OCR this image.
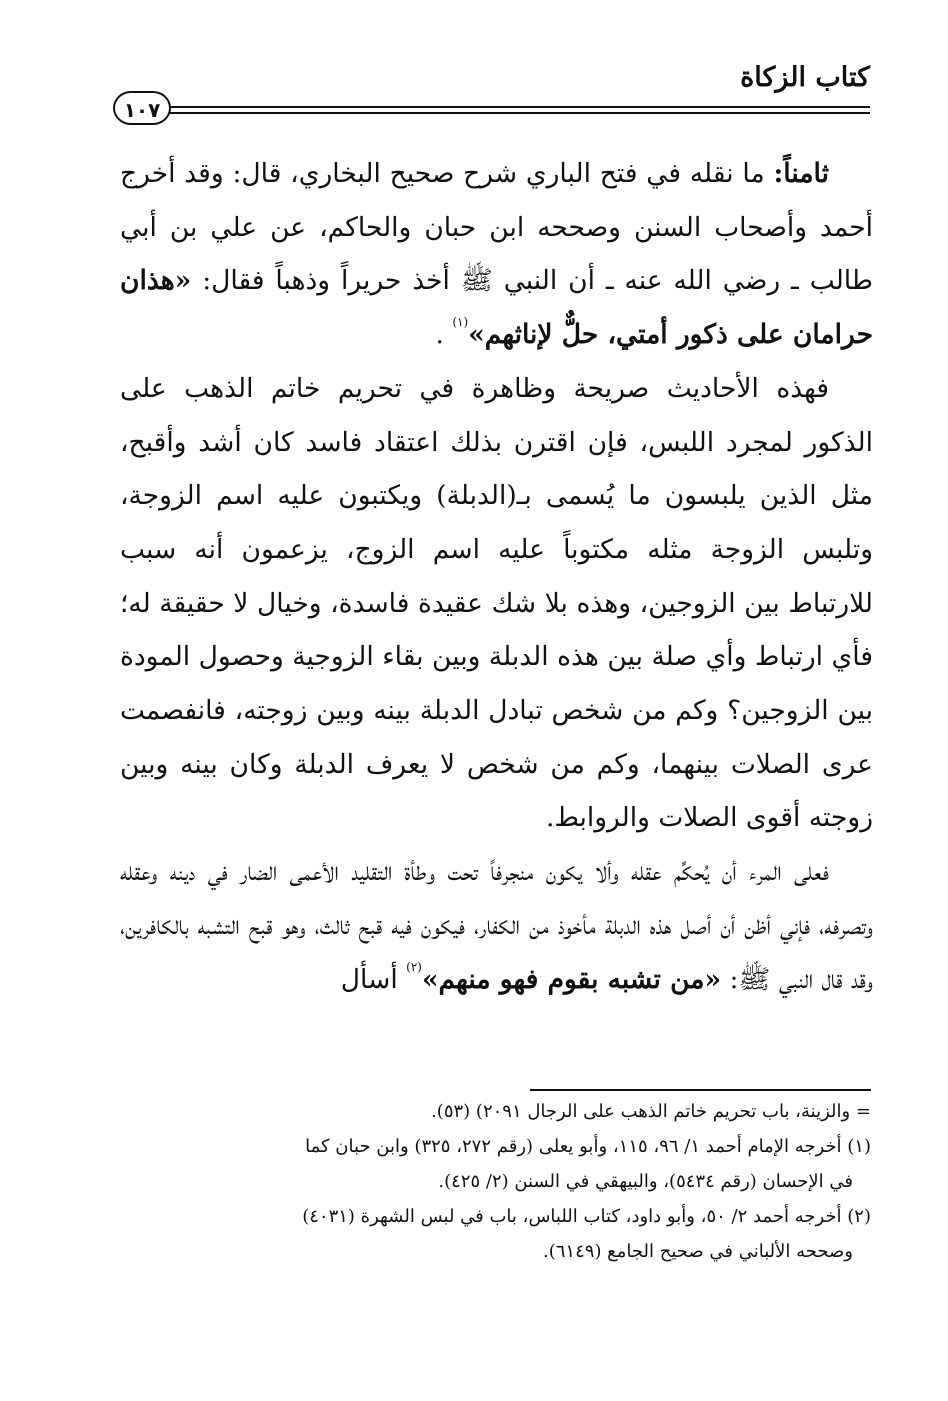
كتاب الزكاة
١٠٧

ثامناً: ما نقله في فتح الباري شرح صحيح البخاري، قال: وقد أخرج أحمد وأصحاب السنن وصححه ابن حبان والحاكم، عن علي بن أبي طالب ـ رضي الله عنه ـ أن النبي ﷺ أخذ حريراً وذهباً فقال: «هذان حرامان على ذكور أمتي، حلٌّ لإناثهم»$^{(١)}$ .

فهذه الأحاديث صريحة وظاهرة في تحريم خاتم الذهب على الذكور لمجرد اللبس، فإن اقترن بذلك اعتقاد فاسد كان أشد وأقبح، مثل الذين يلبسون ما يُسمى بـ(الدبلة) ويكتبون عليه اسم الزوجة، وتلبس الزوجة مثله مكتوباً عليه اسم الزوج، يزعمون أنه سبب للارتباط بين الزوجين، وهذه بلا شك عقيدة فاسدة، وخيال لا حقيقة له؛ فأي ارتباط وأي صلة بين هذه الدبلة وبين بقاء الزوجية وحصول المودة بين الزوجين؟ وكم من شخص تبادل الدبلة بينه وبين زوجته، فانفصمت عرى الصلات بينهما، وكم من شخص لا يعرف الدبلة وكان بينه وبين زوجته أقوى الصلات والروابط.

فعلى المرء أن يُحكِّم عقله وألا يكون منجرفاً تحت وطأة التقليد الأعمى الضار في دينه وعقله وتصرفه، فإني أظن أن أصل هذه الدبلة مأخوذ من الكفار، فيكون فيه قبح ثالث، وهو قبح التشبه بالكافرين، وقد قال النبي ﷺ: «من تشبه بقوم فهو منهم»$^{(٢)}$ أسأل

= والزينة، باب تحريم خاتم الذهب على الرجال ٢٠٩١) (٥٣).

(١) أخرجه الإمام أحمد ١/ ٩٦، ١١٥، وأبو يعلى (رقم ٢٧٢، ٣٢٥) وابن حبان كما

في الإحسان (رقم ٥٤٣٤)، والبيهقي في السنن (٢/ ٤٢٥).

(٢) أخرجه أحمد ٢/ ٥٠، وأبو داود، كتاب اللباس، باب في لبس الشهرة (٤٠٣١)

وصححه الألباني في صحيح الجامع (٦١٤٩).
